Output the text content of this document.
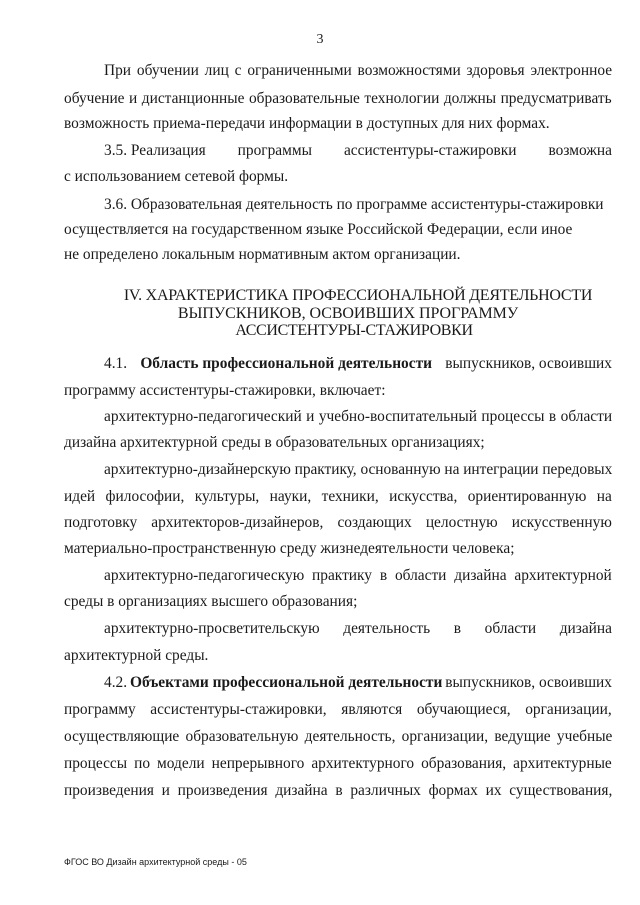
3
При обучении лиц с ограниченными возможностями здоровья электронное
обучение и дистанционные образовательные технологии должны предусматривать
возможность приема-передачи информации в доступных для них формах.
3.5. Реализация программы ассистентуры-стажировки возможна
с использованием сетевой формы.
3.6. Образовательная деятельность по программе ассистентуры-стажировки
осуществляется на государственном языке Российской Федерации, если иное
не определено локальным нормативным актом организации.
IV. ХАРАКТЕРИСТИКА ПРОФЕССИОНАЛЬНОЙ ДЕЯТЕЛЬНОСТИ
ВЫПУСКНИКОВ, ОСВОИВШИХ ПРОГРАММУ
АССИСТЕНТУРЫ-СТАЖИРОВКИ
4.1. Область профессиональной деятельности выпускников, освоивших
программу ассистентуры-стажировки, включает:
архитектурно-педагогический и учебно-воспитательный процессы в области
дизайна архитектурной среды в образовательных организациях;
архитектурно-дизайнерскую практику, основанную на интеграции передовых
идей философии, культуры, науки, техники, искусства, ориентированную на
подготовку архитекторов-дизайнеров, создающих целостную искусственную
материально-пространственную среду жизнедеятельности человека;
архитектурно-педагогическую практику в области дизайна архитектурной
среды в организациях высшего образования;
архитектурно-просветительскую деятельность в области дизайна
архитектурной среды.
4.2. Объектами профессиональной деятельности выпускников, освоивших
программу ассистентуры-стажировки, являются обучающиеся, организации,
осуществляющие образовательную деятельность, организации, ведущие учебные
процессы по модели непрерывного архитектурного образования, архитектурные
произведения и произведения дизайна в различных формах их существования,
ФГОС ВО Дизайн архитектурной среды - 05
